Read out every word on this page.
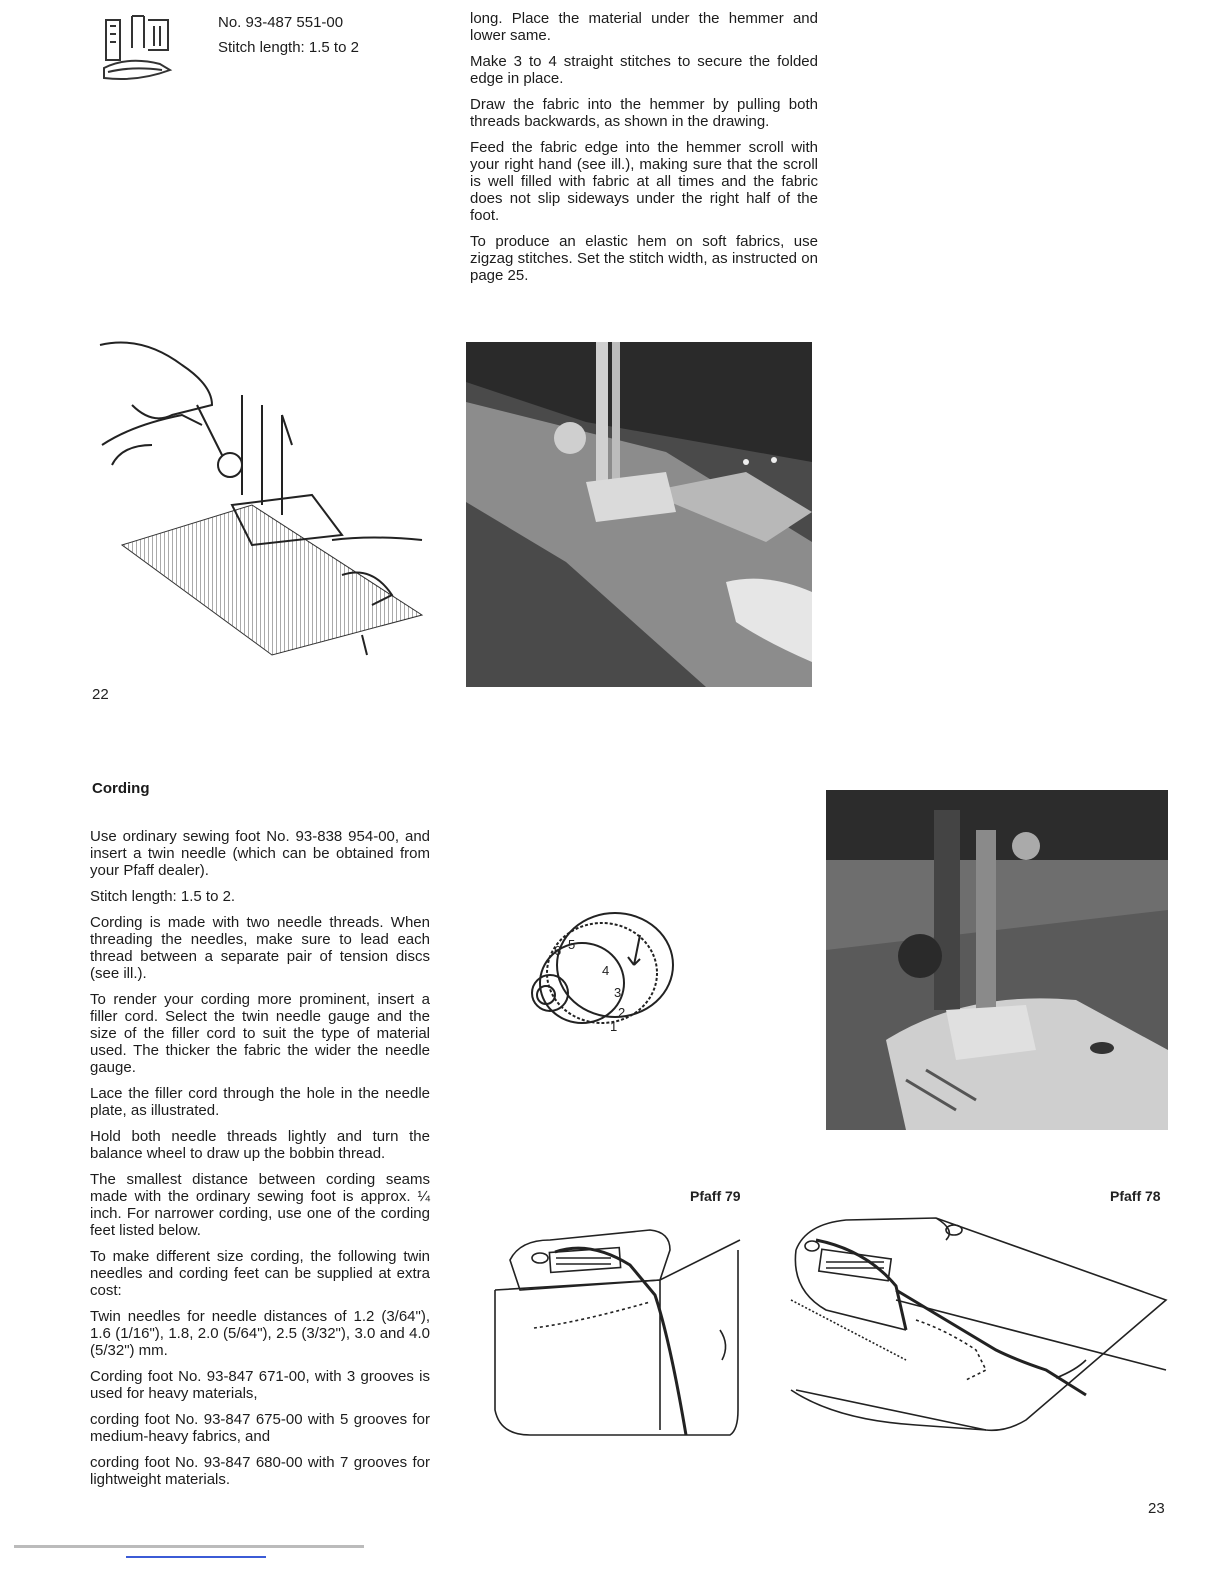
No. 93-487 551-00
Stitch length: 1.5 to 2

long. Place the material under the hemmer and lower same.

Make 3 to 4 straight stitches to secure the folded edge in place.

Draw the fabric into the hemmer by pulling both threads backwards, as shown in the drawing.

Feed the fabric edge into the hemmer scroll with your right hand (see ill.), making sure that the scroll is well filled with fabric at all times and the fabric does not slip sideways under the right half of the foot.

To produce an elastic hem on soft fabrics, use zigzag stitches. Set the stitch width, as instructed on page 25.

22
Cording

Use ordinary sewing foot No. 93-838 954-00, and insert a twin needle (which can be obtained from your Pfaff dealer).

Stitch length: 1.5 to 2.

Cording is made with two needle threads. When threading the needles, make sure to lead each thread between a separate pair of tension discs (see ill.).

To render your cording more prominent, insert a filler cord. Select the twin needle gauge and the size of the filler cord to suit the type of material used. The thicker the fabric the wider the needle gauge.

Lace the filler cord through the hole in the needle plate, as illustrated.

Hold both needle threads lightly and turn the balance wheel to draw up the bobbin thread.

The smallest distance between cording seams made with the ordinary sewing foot is approx. ¼ inch. For narrower cording, use one of the cording feet listed below.

To make different size cording, the following twin needles and cording feet can be supplied at extra cost:

Twin needles for needle distances of 1.2 (3/64"), 1.6 (1/16"), 1.8, 2.0 (5/64"), 2.5 (3/32"), 3.0 and 4.0 (5/32") mm.

Cording foot No. 93-847 671-00, with 3 grooves is used for heavy materials,

cording foot No. 93-847 675-00 with 5 grooves for medium-heavy fabrics, and

cording foot No. 93-847 680-00 with 7 grooves for lightweight materials.

6 5
4
3
2
1
Pfaff 79	Pfaff 78
23
